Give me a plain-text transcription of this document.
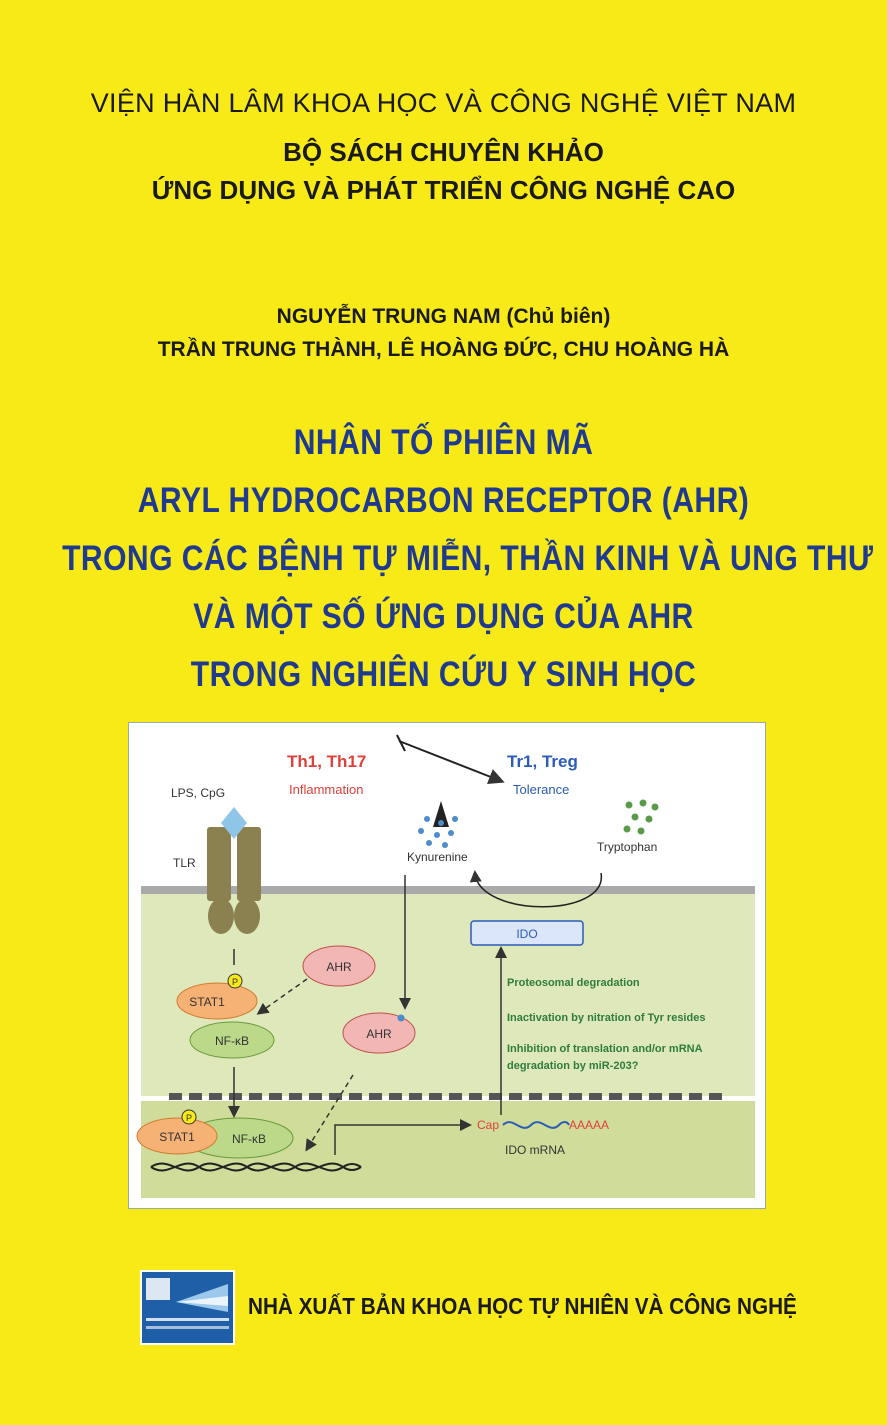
VIỆN HÀN LÂM KHOA HỌC VÀ CÔNG NGHỆ VIỆT NAM
BỘ SÁCH CHUYÊN KHẢO
ỨNG DỤNG VÀ PHÁT TRIỂN CÔNG NGHỆ CAO
NGUYỄN TRUNG NAM (Chủ biên)
TRẦN TRUNG THÀNH, LÊ HOÀNG ĐỨC, CHU HOÀNG HÀ
NHÂN TỐ PHIÊN MÃ
ARYL HYDROCARBON RECEPTOR (AHR)
TRONG CÁC BỆNH TỰ MIỄN, THẦN KINH VÀ UNG THƯ
VÀ MỘT SỐ ỨNG DỤNG CỦA AHR
TRONG NGHIÊN CỨU Y SINH HỌC
Th1, Th17
Inflammation
Tr1, Treg
Tolerance
LPS, CpG
TLR	Kynurenine
Tryptophan
IDO
AHR
AHR
STAT1
P
NF-κB
Proteosomal degradation
Inactivation by nitration of Tyr resides
Inhibition of translation and/or mRNA
degradation by miR-203?
NF-κB
STAT1
P	Cap	AAAAA
IDO mRNA
NHÀ XUẤT BẢN KHOA HỌC TỰ NHIÊN VÀ CÔNG NGHỆ
